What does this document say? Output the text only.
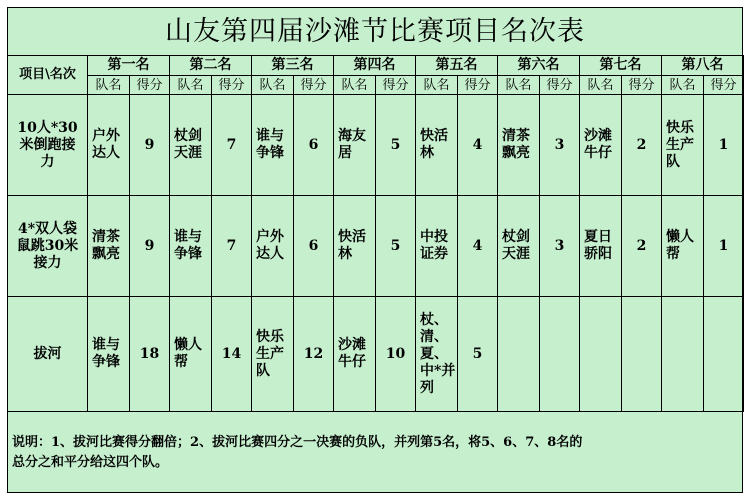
山友第四届沙滩节比赛项目名次表
项目\名次	第一名		第二名		第三名		第四名		第五名		第六名		第七名		第八名	
	队名	得分	队名	得分	队名	得分	队名	得分	队名	得分	队名	得分	队名	得分	队名	得分
10人*30米倒跑接力	户外达人	9	杖剑天涯	7	谁与争锋	6	海友居	5	快活林	4	清茶飘亮	3	沙滩牛仔	2	快乐生产队	1
4*双人袋鼠跳30米接力	清茶飘亮	9	谁与争锋	7	户外达人	6	快活林	5	中投证券	4	杖剑天涯	3	夏日骄阳	2	懒人帮	1
拔河	谁与争锋	18	懒人帮	14	快乐生产队	12	沙滩牛仔	10	杖、清、夏、中*并列	5						
说明：1、拔河比赛得分翻倍；2、拔河比赛四分之一决赛的负队，并列第5名，将5、6、7、8名的
总分之和平分给这四个队。
